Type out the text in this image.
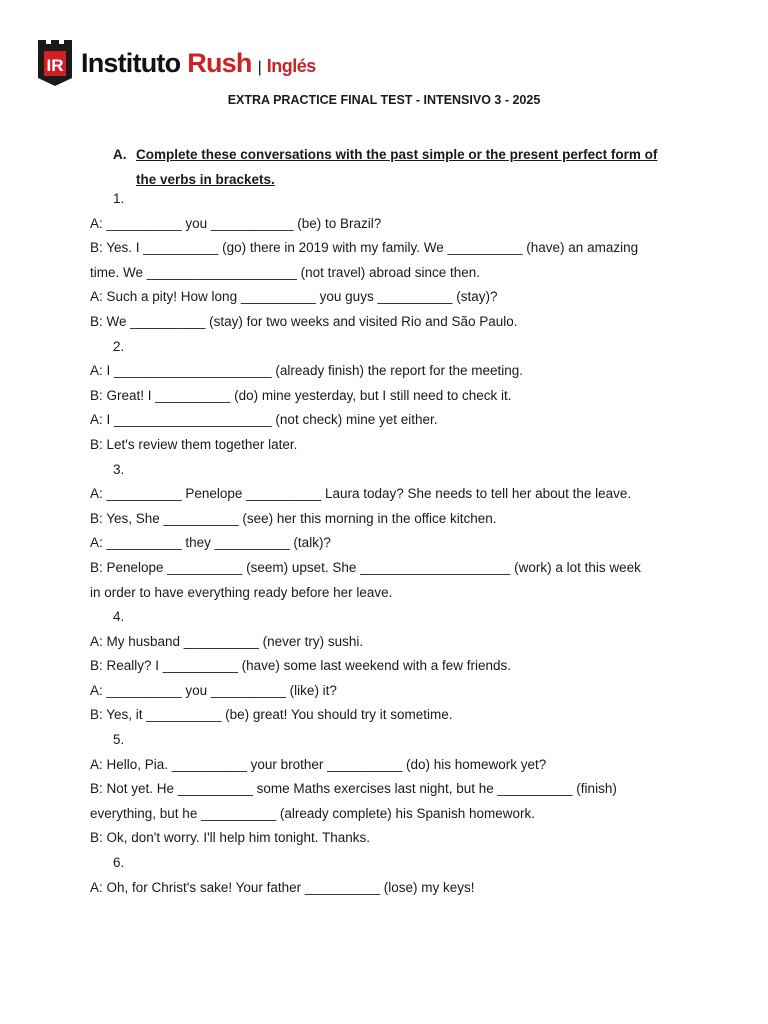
IR Instituto Rush | Inglés
EXTRA PRACTICE FINAL TEST - INTENSIVO 3 - 2025
A. Complete these conversations with the past simple or the present perfect form of the verbs in brackets.

1.

A: __________ you ___________ (be) to Brazil?

B: Yes. I __________ (go) there in 2019 with my family. We __________ (have) an amazing

time. We ____________________ (not travel) abroad since then.

A: Such a pity! How long __________ you guys __________ (stay)?

B: We __________ (stay) for two weeks and visited Rio and São Paulo.

2.

A: I _____________________ (already finish) the report for the meeting.

B: Great! I __________ (do) mine yesterday, but I still need to check it.

A: I _____________________ (not check) mine yet either.

B: Let's review them together later.

3.

A: __________ Penelope __________ Laura today? She needs to tell her about the leave.

B: Yes, She __________ (see) her this morning in the office kitchen.

A: __________ they __________ (talk)?

B: Penelope __________ (seem) upset. She ____________________ (work) a lot this week

in order to have everything ready before her leave.

4.

A: My husband __________ (never try) sushi.

B: Really? I __________ (have) some last weekend with a few friends.

A: __________ you __________ (like) it?

B: Yes, it __________ (be) great! You should try it sometime.

5.

A: Hello, Pia. __________ your brother __________ (do) his homework yet?

B: Not yet. He __________ some Maths exercises last night, but he __________ (finish)

everything, but he __________ (already complete) his Spanish homework.

B: Ok, don't worry. I'll help him tonight. Thanks.

6.

A: Oh, for Christ's sake! Your father __________ (lose) my keys!
